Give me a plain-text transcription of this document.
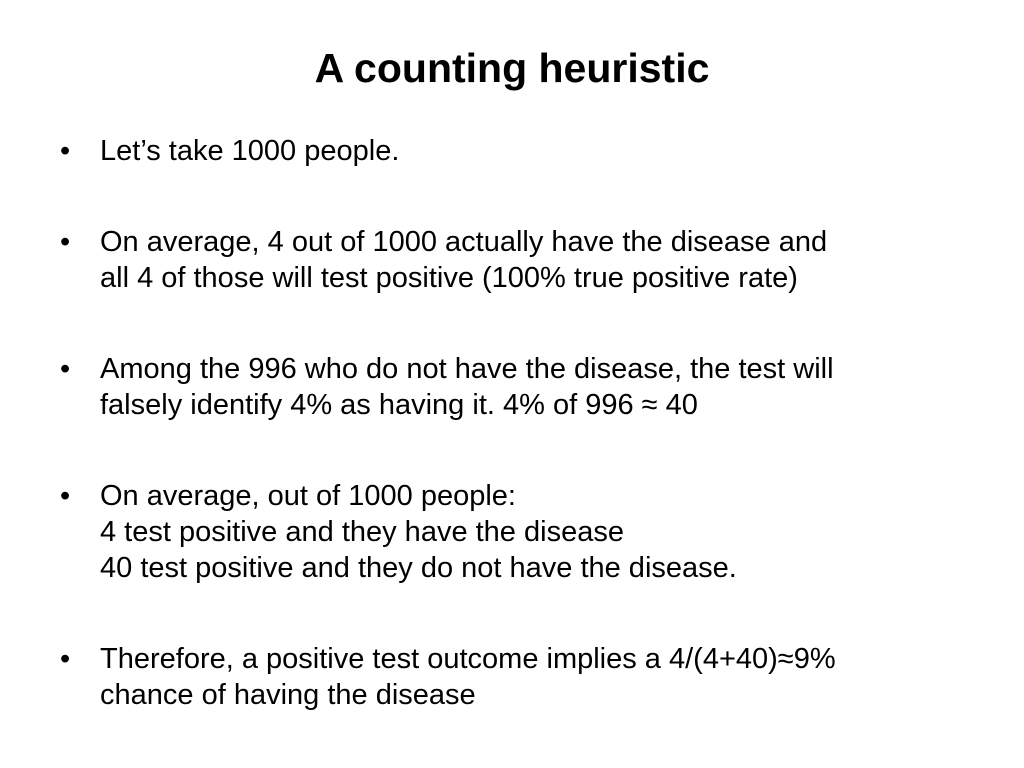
A counting heuristic
•	Let’s take 1000 people.
•	On average, 4 out of 1000 actually have the disease and
all 4 of those will test positive (100% true positive rate)
•	Among the 996 who do not have the disease, the test will
falsely identify 4% as having it. 4% of 996 ≈ 40
•	On average, out of 1000 people:
4 test positive and they have the disease
40 test positive and they do not have the disease.
•	Therefore, a positive test outcome implies a 4/(4+40)≈9%
chance of having the disease
